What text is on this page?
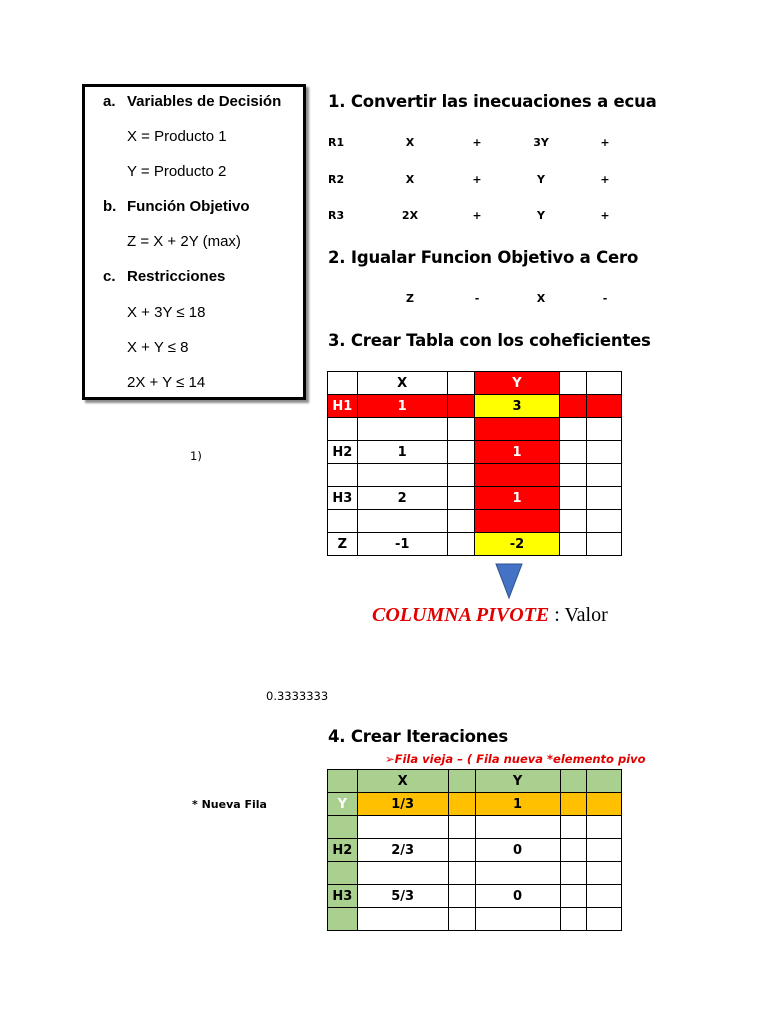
a. Variables de Decisión
X = Producto 1
Y = Producto 2
b. Función Objetivo
Z = X + 2Y (max)
c. Restricciones
X + 3Y ≤ 18
X + Y ≤ 8
2X + Y ≤ 14
1)
0.3333333
* Nueva Fila
1. Convertir las inecuaciones a ecua
R1	X	+	3Y	+
R2	X	+	Y	+
R3	2X	+	Y	+
2. Igualar Funcion Objetivo a Cero
Z	-	X	-
3. Crear Tabla con los coheficientes
	X		Y		
H1	1		3		

H2	1		1		

H3	2		1		

Z	-1		-2		
COLUMNA PIVOTE : Valor
4. Crear Iteraciones
➢Fila vieja – ( Fila nueva *elemento pivo
	X		Y		
Y	1/3		1		

H2	2/3		0		

H3	5/3		0		
